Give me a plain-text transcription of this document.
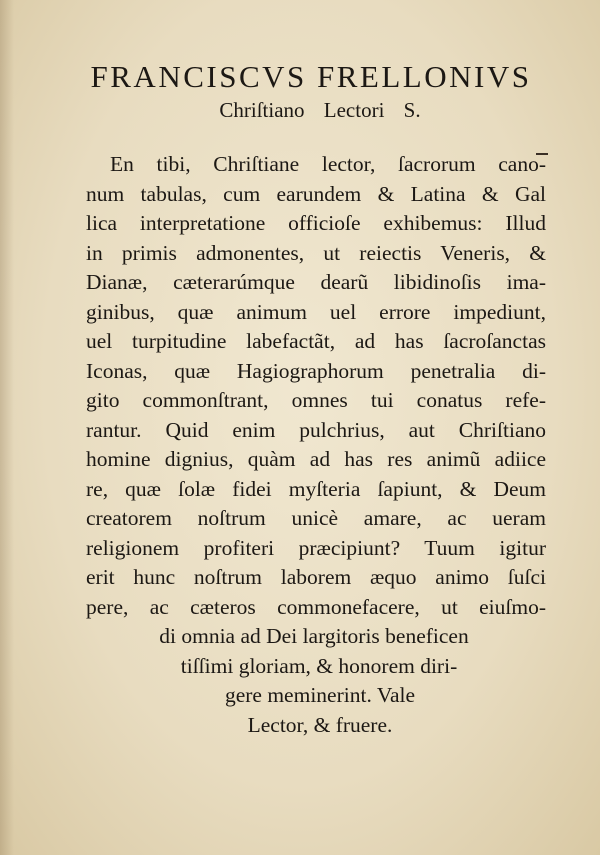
FRANCISCVS FRELLONIVS
Chriſtiano Lectori S.
En tibi, Chriſtiane lector, ſacrorum cano-
num tabulas, cum earundem & Latina & Gal
lica interpretatione officioſe exhibemus: Illud
in primis admonentes, ut reiectis Veneris, &
Dianæ, cæterarúmque dearũ libidinoſis ima-
ginibus, quæ animum uel errore impediunt,
uel turpitudine labefactãt, ad has ſacroſanctas
Iconas, quæ Hagiographorum penetralia di-
gito commonſtrant, omnes tui conatus refe-
rantur. Quid enim pulchrius, aut Chriſtiano
homine dignius, quàm ad has res animũ adiice
re, quæ ſolæ fidei myſteria ſapiunt, & Deum
creatorem noſtrum unicè amare, ac ueram
religionem profiteri præcipiunt? Tuum igitur
erit hunc noſtrum laborem æquo animo ſuſci
pere, ac cæteros commonefacere, ut eiuſmo-
di omnia ad Dei largitoris beneficen
tiſſimi gloriam, & honorem diri-
gere meminerint. Vale
Lector, & fruere.
